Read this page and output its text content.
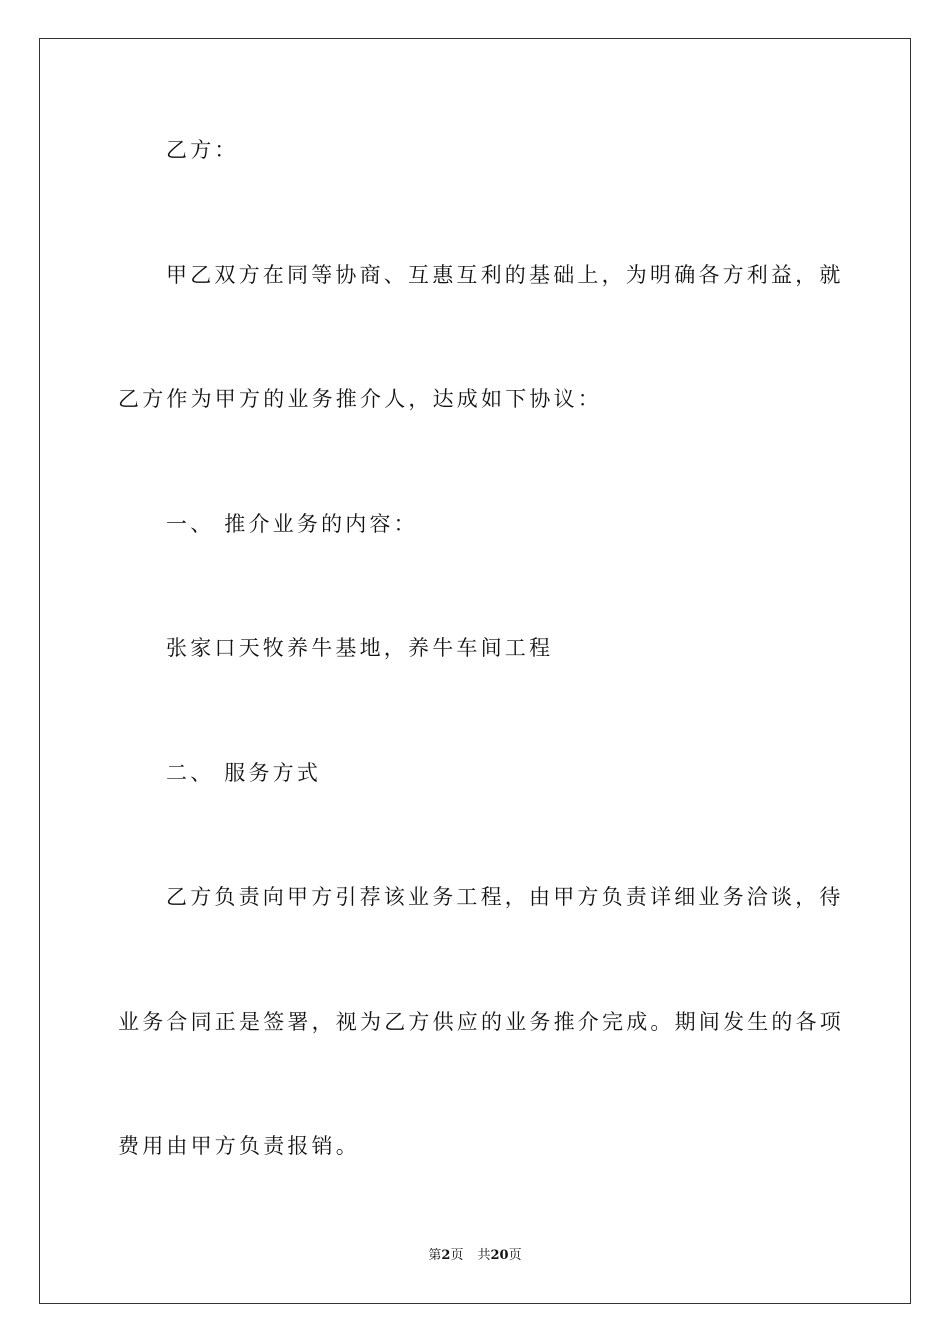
乙方：
甲乙双方在同等协商、互惠互利的基础上，为明确各方利益，就
乙方作为甲方的业务推介人，达成如下协议：
一、 推介业务的内容：
张家口天牧养牛基地，养牛车间工程
二、 服务方式
乙方负责向甲方引荐该业务工程，由甲方负责详细业务洽谈，待
业务合同正是签署，视为乙方供应的业务推介完成。期间发生的各项
费用由甲方负责报销。
第2页 共20页
